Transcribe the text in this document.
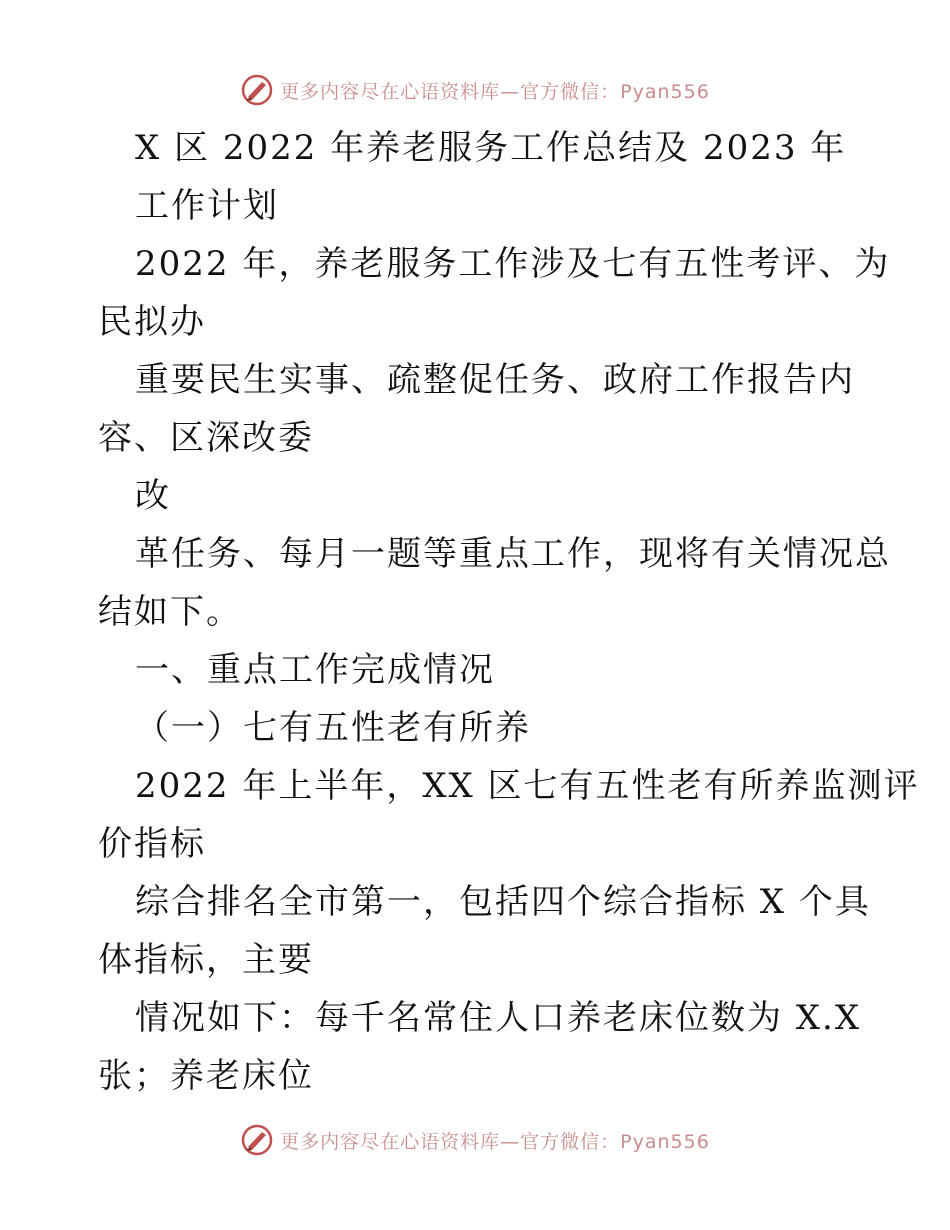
更多内容尽在心语资料库—官方微信：Pyan556
X 区 2022 年养老服务工作总结及 2023 年
工作计划
2022 年，养老服务工作涉及七有五性考评、为
民拟办
重要民生实事、疏整促任务、政府工作报告内
容、区深改委
改
革任务、每月一题等重点工作，现将有关情况总
结如下。
一、重点工作完成情况
（一）七有五性老有所养
2022 年上半年，XX 区七有五性老有所养监测评
价指标
综合排名全市第一，包括四个综合指标 X 个具
体指标，主要
情况如下：每千名常住人口养老床位数为 X.X
张；养老床位
更多内容尽在心语资料库—官方微信：Pyan556
